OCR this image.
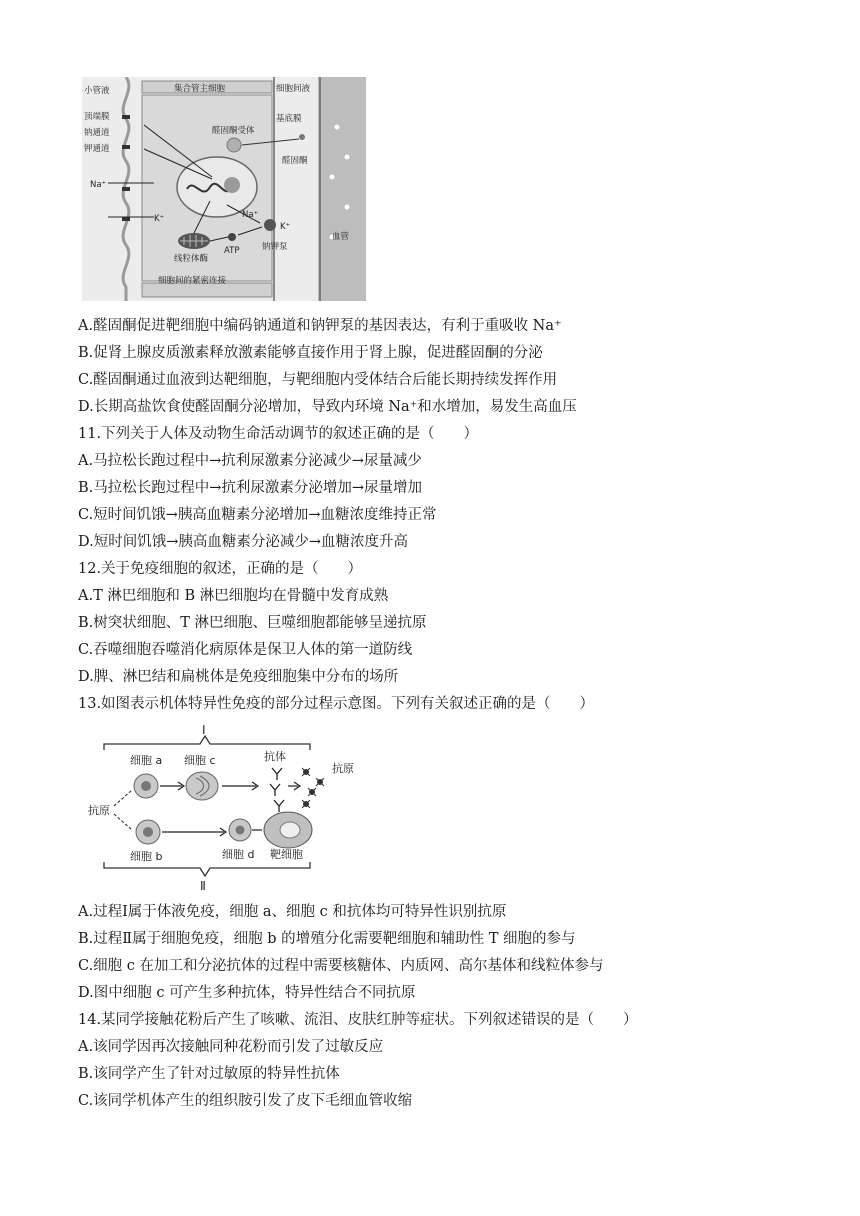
小管液
顶端膜
钠通道
钾通道
Na⁺
K⁺
集合管主细胞	细胞间液
基底膜
醛固酮受体
醛固酮
Na⁺
K⁺
线粒体酶
ATP	钠钾泵
细胞间的紧密连接
血管
A.醛固酮促进靶细胞中编码钠通道和钠钾泵的基因表达，有利于重吸收 Na⁺
B.促肾上腺皮质激素释放激素能够直接作用于肾上腺，促进醛固酮的分泌
C.醛固酮通过血液到达靶细胞，与靶细胞内受体结合后能长期持续发挥作用
D.长期高盐饮食使醛固酮分泌增加，导致内环境 Na⁺和水增加，易发生高血压
11.下列关于人体及动物生命活动调节的叙述正确的是（　　）
A.马拉松长跑过程中→抗利尿激素分泌减少→尿量减少
B.马拉松长跑过程中→抗利尿激素分泌增加→尿量增加
C.短时间饥饿→胰高血糖素分泌增加→血糖浓度维持正常
D.短时间饥饿→胰高血糖素分泌减少→血糖浓度升高
12.关于免疫细胞的叙述，正确的是（　　）
A.T 淋巴细胞和 B 淋巴细胞均在骨髓中发育成熟
B.树突状细胞、T 淋巴细胞、巨噬细胞都能够呈递抗原
C.吞噬细胞吞噬消化病原体是保卫人体的第一道防线
D.脾、淋巴结和扁桃体是免疫细胞集中分布的场所
13.如图表示机体特异性免疫的部分过程示意图。下列有关叙述正确的是（　　）
Ⅰ
Ⅱ
细胞 a 细胞 c	抗体
抗原
抗原
细胞 b	细胞 d 靶细胞
A.过程Ⅰ属于体液免疫，细胞 a、细胞 c 和抗体均可特异性识别抗原
B.过程Ⅱ属于细胞免疫，细胞 b 的增殖分化需要靶细胞和辅助性 T 细胞的参与
C.细胞 c 在加工和分泌抗体的过程中需要核糖体、内质网、高尔基体和线粒体参与
D.图中细胞 c 可产生多种抗体，特异性结合不同抗原
14.某同学接触花粉后产生了咳嗽、流泪、皮肤红肿等症状。下列叙述错误的是（　　）
A.该同学因再次接触同种花粉而引发了过敏反应
B.该同学产生了针对过敏原的特异性抗体
C.该同学机体产生的组织胺引发了皮下毛细血管收缩
